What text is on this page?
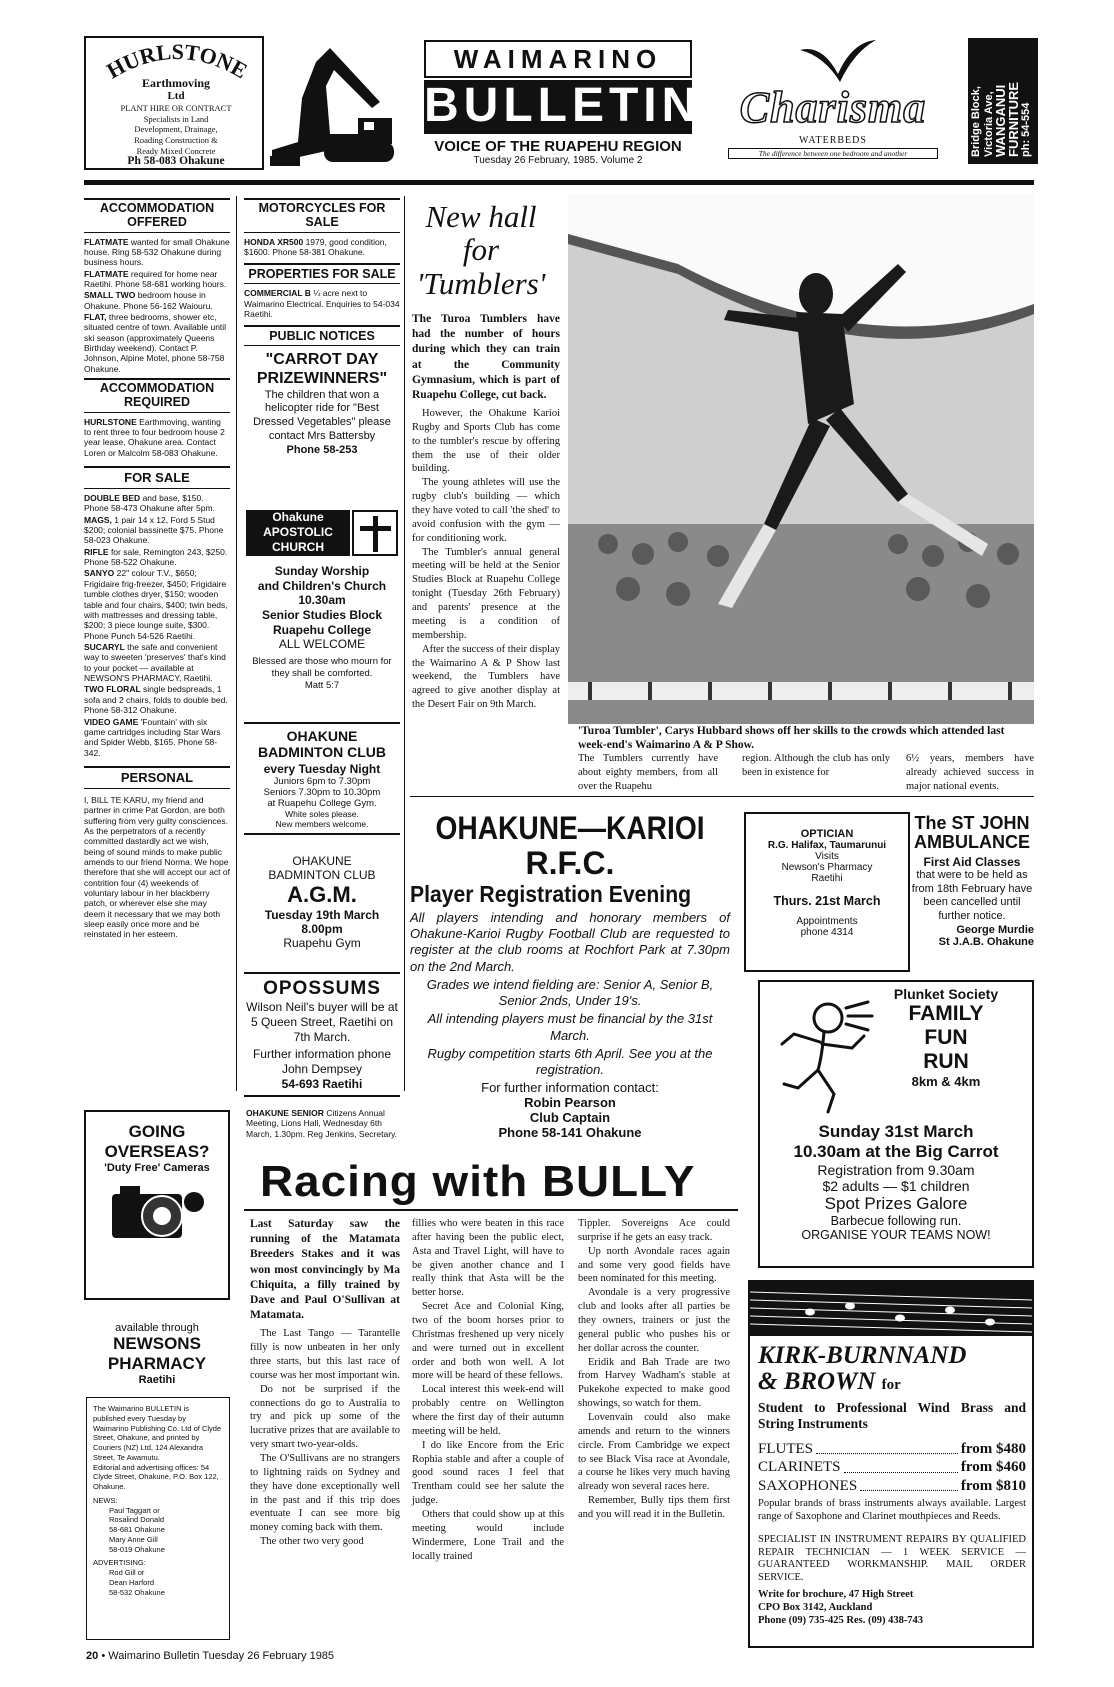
HURLSTONE
Earthmoving
Ltd
PLANT HIRE OR CONTRACT
Specialists in Land
Development, Drainage,
Roading Construction &
Ready Mixed Concrete
Ph 58-083 Ohakune
WAIMARINO
BULLETIN
VOICE OF THE RUAPEHU REGION
Tuesday 26 February, 1985. Volume 2
Charisma
WATERBEDS
The difference between one bedroom and another	Bridge Block, Victoria Ave,
WANGANUI
FURNITURE ph: 54-554
ACCOMMODATION OFFERED

FLATMATE wanted for small Ohakune house. Ring 58-532 Ohakune during business hours.

FLATMATE required for home near Raetihi. Phone 58-681 working hours.

SMALL TWO bedroom house in Ohakune. Phone 56-162 Waiouru.

FLAT, three bedrooms, shower etc, situated centre of town. Available until ski season (approximately Queens Birthday weekend). Contact P. Johnson, Alpine Motel, phone 58-758 Ohakune.

ACCOMMODATION REQUIRED

HURLSTONE Earthmoving, wanting to rent three to four bedroom house 2 year lease, Ohakune area. Contact Loren or Malcolm 58-083 Ohakune.

FOR SALE

DOUBLE BED and base, $150. Phone 58-473 Ohakune after 5pm.

MAGS, 1 pair 14 x 12, Ford 5 Stud $200; colonial bassinette $75. Phone 58-023 Ohakune.

RIFLE for sale, Remington 243, $250. Phone 58-522 Ohakune.

SANYO 22" colour T.V., $650; Frigidaire frig-freezer, $450; Frigidaire tumble clothes dryer, $150; wooden table and four chairs, $400; twin beds, with mattresses and dressing table, $200; 3 piece lounge suite, $300. Phone Punch 54-526 Raetihi.

SUCARYL the safe and convenient way to sweeten 'preserves' that's kind to your pocket — available at NEWSON'S PHARMACY, Raetihi.

TWO FLORAL single bedspreads, 1 sofa and 2 chairs, folds to double bed. Phone 58-312 Ohakune.

VIDEO GAME 'Fountain' with six game cartridges including Star Wars and Spider Webb, $165. Phone 58-342.

PERSONAL

I, BILL TE KARU, my friend and partner in crime Pat Gordon, are both suffering from very guilty consciences. As the perpetrators of a recently committed dastardly act we wish, being of sound minds to make public amends to our friend Norma. We hope therefore that she will accept our act of contrition four (4) weekends of voluntary labour in her blackberry patch, or wherever else she may deem it necessary that we may both sleep easily once more and be reinstated in her esteem.

GOING
OVERSEAS?
'Duty Free' Cameras
available through
NEWSONS
PHARMACY
Raetihi

The Waimarino BULLETIN is published every Tuesday by Waimarino Publishing Co. Ltd of Clyde Street, Ohakune, and printed by Couriers (NZ) Ltd, 124 Alexandra Street, Te Awamutu.

Editorial and advertising offices: 54 Clyde Street, Ohakune, P.O. Box 122, Ohakune.

NEWS:
Paul Taggart or
Rosalind Donald
58-681 Ohakune
Mary Anne Gill
58-019 Ohakune
ADVERTISING:
Rod Gill or
Dean Harford
58-532 Ohakune
MOTORCYCLES FOR SALE

HONDA XR500 1979, good condition, $1600. Phone 58-381 Ohakune.

PROPERTIES FOR SALE

COMMERCIAL B ¼ acre next to Waimarino Electrical. Enquiries to 54-034 Raetihi.

PUBLIC NOTICES
"CARROT DAY
PRIZEWINNERS"
The children that won a helicopter ride for "Best Dressed Vegetables" please contact Mrs Battersby
Phone 58-253
Ohakune
APOSTOLIC
CHURCH
Sunday Worship
and Children's Church
10.30am
Senior Studies Block
Ruapehu College
ALL WELCOME
Blessed are those who mourn for they shall be comforted.
Matt 5:7
OHAKUNE
BADMINTON CLUB
every Tuesday Night
Juniors 6pm to 7.30pm
Seniors 7.30pm to 10.30pm
at Ruapehu College Gym.
White soles please.
New members welcome.
OHAKUNE
BADMINTON CLUB
A.G.M.
Tuesday 19th March
8.00pm
Ruapehu Gym
OPOSSUMS
Wilson Neil's buyer will be at 5 Queen Street, Raetihi on 7th March.
Further information phone John Dempsey
54-693 Raetihi

OHAKUNE SENIOR Citizens Annual Meeting, Lions Hall, Wednesday 6th March, 1.30pm. Reg Jenkins, Secretary.

New hall for 'Tumblers'

The Turoa Tumblers have had the number of hours during which they can train at the Community Gymnasium, which is part of Ruapehu College, cut back.

However, the Ohakune Karioi Rugby and Sports Club has come to the tumbler's rescue by offering them the use of their older building.

The young athletes will use the rugby club's building — which they have voted to call 'the shed' to avoid confusion with the gym — for conditioning work.

The Tumbler's annual general meeting will be held at the Senior Studies Block at Ruapehu College tonight (Tuesday 26th February) and parents' presence at the meeting is a condition of membership.

After the success of their display the Waimarino A & P Show last weekend, the Tumblers have agreed to give another display at the Desert Fair on 9th March.

'Turoa Tumbler', Carys Hubbard shows off her skills to the crowds which attended last week-end's Waimarino A & P Show.
The Tumblers currently have about eighty members, from all over the Ruapehu
region. Although the club has only been in existence for
6½ years, members have already achieved success in major national events.
OHAKUNE—KARIOI
R.F.C.
Player Registration Evening
All players intending and honorary members of Ohakune-Karioi Rugby Football Club are requested to register at the club rooms at Rochfort Park at 7.30pm on the 2nd March.
Grades we intend fielding are: Senior A, Senior B, Senior 2nds, Under 19's.
All intending players must be financial by the 31st March.
Rugby competition starts 6th April. See you at the registration.
For further information contact:
Robin Pearson
Club Captain
Phone 58-141 Ohakune
OPTICIAN
R.G. Halifax, Taumarunui
Visits
Newson's Pharmacy
Raetihi
Thurs. 21st March
Appointments
phone 4314
The ST JOHN
AMBULANCE
First Aid Classes
that were to be held as from 18th February have been cancelled until further notice.
George Murdie
St J.A.B. Ohakune
Plunket Society
FAMILY
FUN
RUN
8km & 4km
Sunday 31st March
10.30am at the Big Carrot
Registration from 9.30am
$2 adults — $1 children
Spot Prizes Galore
Barbecue following run.
ORGANISE YOUR TEAMS NOW!
Racing with BULLY

Last Saturday saw the running of the Matamata Breeders Stakes and it was won most convincingly by Ma Chiquita, a filly trained by Dave and Paul O'Sullivan at Matamata.

The Last Tango — Tarantelle filly is now unbeaten in her only three starts, but this last race of course was her most important win.

Do not be surprised if the connections do go to Australia to try and pick up some of the lucrative prizes that are available to very smart two-year-olds.

The O'Sullivans are no strangers to lightning raids on Sydney and they have done exceptionally well in the past and if this trip does eventuate I can see more big money coming back with them.

The other two very good

fillies who were beaten in this race after having been the public elect, Asta and Travel Light, will have to be given another chance and I really think that Asta will be the better horse.

Secret Ace and Colonial King, two of the boom horses prior to Christmas freshened up very nicely and were turned out in excellent order and both won well. A lot more will be heard of these fellows.

Local interest this week-end will probably centre on Wellington where the first day of their autumn meeting will be held.

I do like Encore from the Eric Rophia stable and after a couple of good sound races I feel that Trentham could see her salute the judge.

Others that could show up at this meeting would include Windermere, Lone Trail and the locally trained

Tippler. Sovereigns Ace could surprise if he gets an easy track.

Up north Avondale races again and some very good fields have been nominated for this meeting.

Avondale is a very progressive club and looks after all parties be they owners, trainers or just the general public who pushes his or her dollar across the counter.

Eridik and Bah Trade are two from Harvey Wadham's stable at Pukekohe expected to make good showings, so watch for them.

Lovenvain could also make amends and return to the winners circle. From Cambridge we expect to see Black Visa race at Avondale, a course he likes very much having already won several races here.

Remember, Bully tips them first and you will read it in the Bulletin.

KIRK-BURNNAND
& BROWN for
Student to Professional Wind Brass and String Instruments
FLUTES	from $480
CLARINETS	from $460
SAXOPHONES	from $810
Popular brands of brass instruments always available. Largest range of Saxophone and Clarinet mouthpieces and Reeds.
SPECIALIST IN INSTRUMENT REPAIRS BY QUALIFIED REPAIR TECHNICIAN — 1 WEEK SERVICE — GUARANTEED WORKMANSHIP. MAIL ORDER SERVICE.
Write for brochure, 47 High Street
CPO Box 3142, Auckland
Phone (09) 735-425 Res. (09) 438-743
20 • Waimarino Bulletin Tuesday 26 February 1985
